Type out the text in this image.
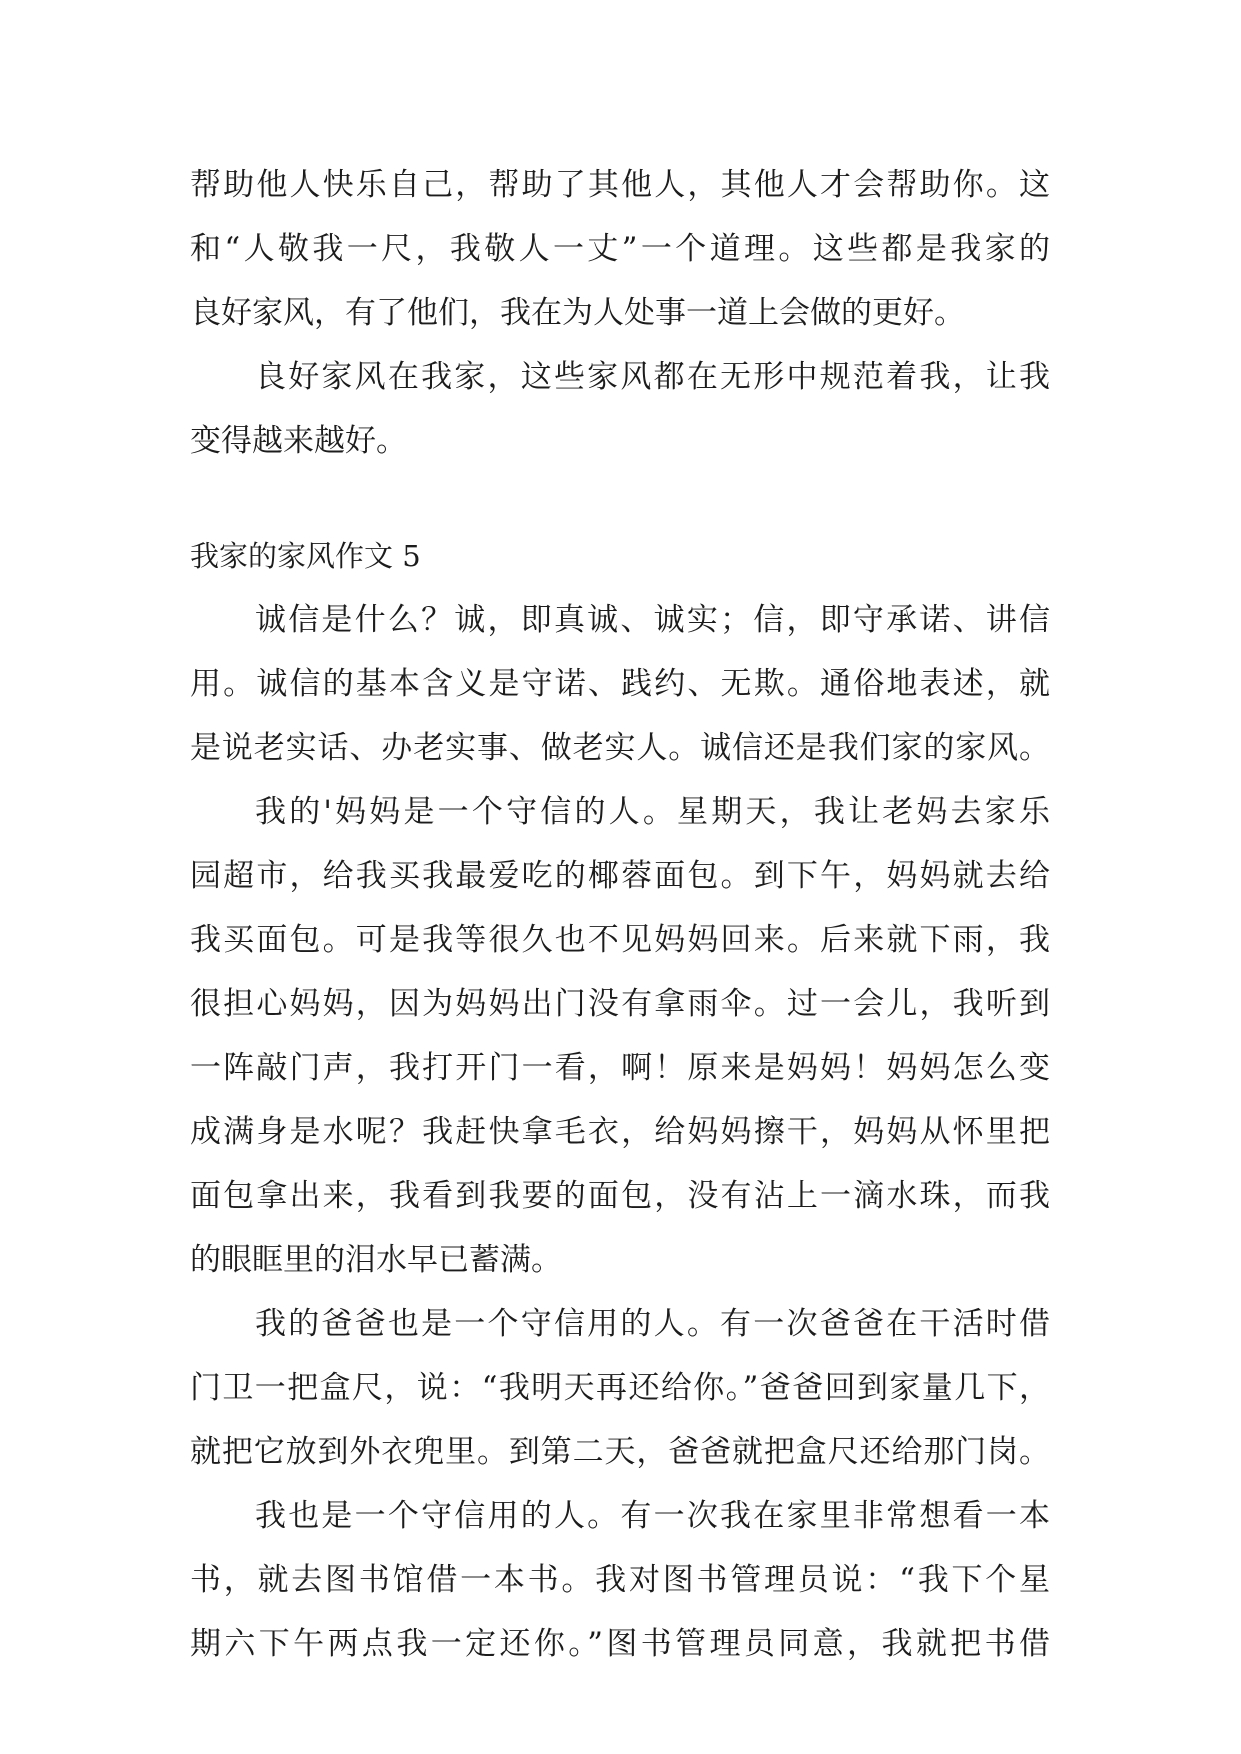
帮助他人快乐自己，帮助了其他人，其他人才会帮助你。这
和“人敬我一尺，我敬人一丈”一个道理。这些都是我家的
良好家风，有了他们，我在为人处事一道上会做的更好。
良好家风在我家，这些家风都在无形中规范着我，让我
变得越来越好。
我家的家风作文 5
诚信是什么？诚，即真诚、诚实；信，即守承诺、讲信
用。诚信的基本含义是守诺、践约、无欺。通俗地表述，就
是说老实话、办老实事、做老实人。诚信还是我们家的家风。
我的'妈妈是一个守信的人。星期天，我让老妈去家乐
园超市，给我买我最爱吃的椰蓉面包。到下午，妈妈就去给
我买面包。可是我等很久也不见妈妈回来。后来就下雨，我
很担心妈妈，因为妈妈出门没有拿雨伞。过一会儿，我听到
一阵敲门声，我打开门一看，啊！原来是妈妈！妈妈怎么变
成满身是水呢？我赶快拿毛衣，给妈妈擦干，妈妈从怀里把
面包拿出来，我看到我要的面包，没有沾上一滴水珠，而我
的眼眶里的泪水早已蓄满。
我的爸爸也是一个守信用的人。有一次爸爸在干活时借
门卫一把盒尺，说：“我明天再还给你。”爸爸回到家量几下，
就把它放到外衣兜里。到第二天，爸爸就把盒尺还给那门岗。
我也是一个守信用的人。有一次我在家里非常想看一本
书，就去图书馆借一本书。我对图书管理员说：“我下个星
期六下午两点我一定还你。”图书管理员同意，我就把书借
